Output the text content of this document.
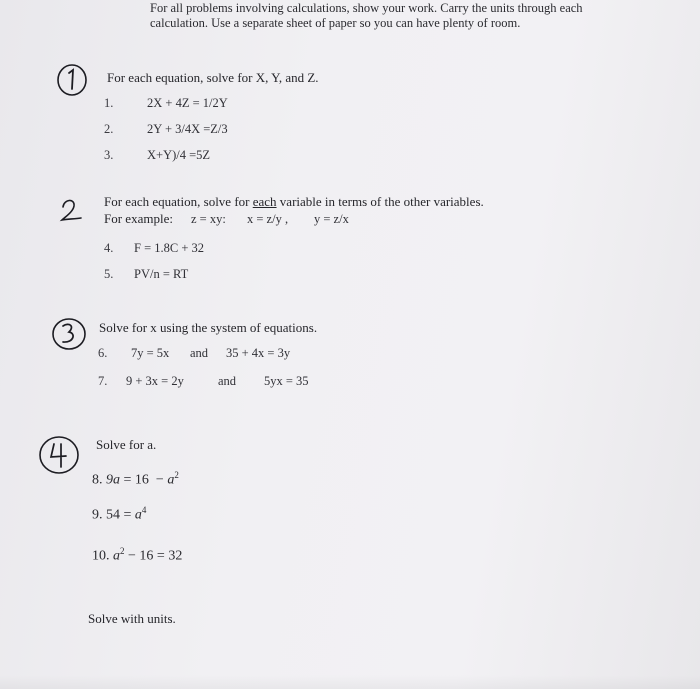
For all problems involving calculations, show your work. Carry the units through each
calculation. Use a separate sheet of paper so you can have plenty of room.
For each equation, solve for X, Y, and Z.
1.	2X + 4Z = 1/2Y
2.	2Y + 3/4X =Z/3
3.	X+Y)/4 =5Z
For each equation, solve for each variable in terms of the other variables.
For example: z = xy: x = z/y , y = z/x
4. F = 1.8C + 32
5. PV/n = RT
Solve for x using the system of equations.
6. 7y = 5x and 35 + 4x = 3y
7. 9 + 3x = 2y	and 5yx = 35
Solve for a.
8. $9a = 16 - a^2$
9. $54 = a^4$
10. $a^2 - 16 = 32$
Solve with units.
